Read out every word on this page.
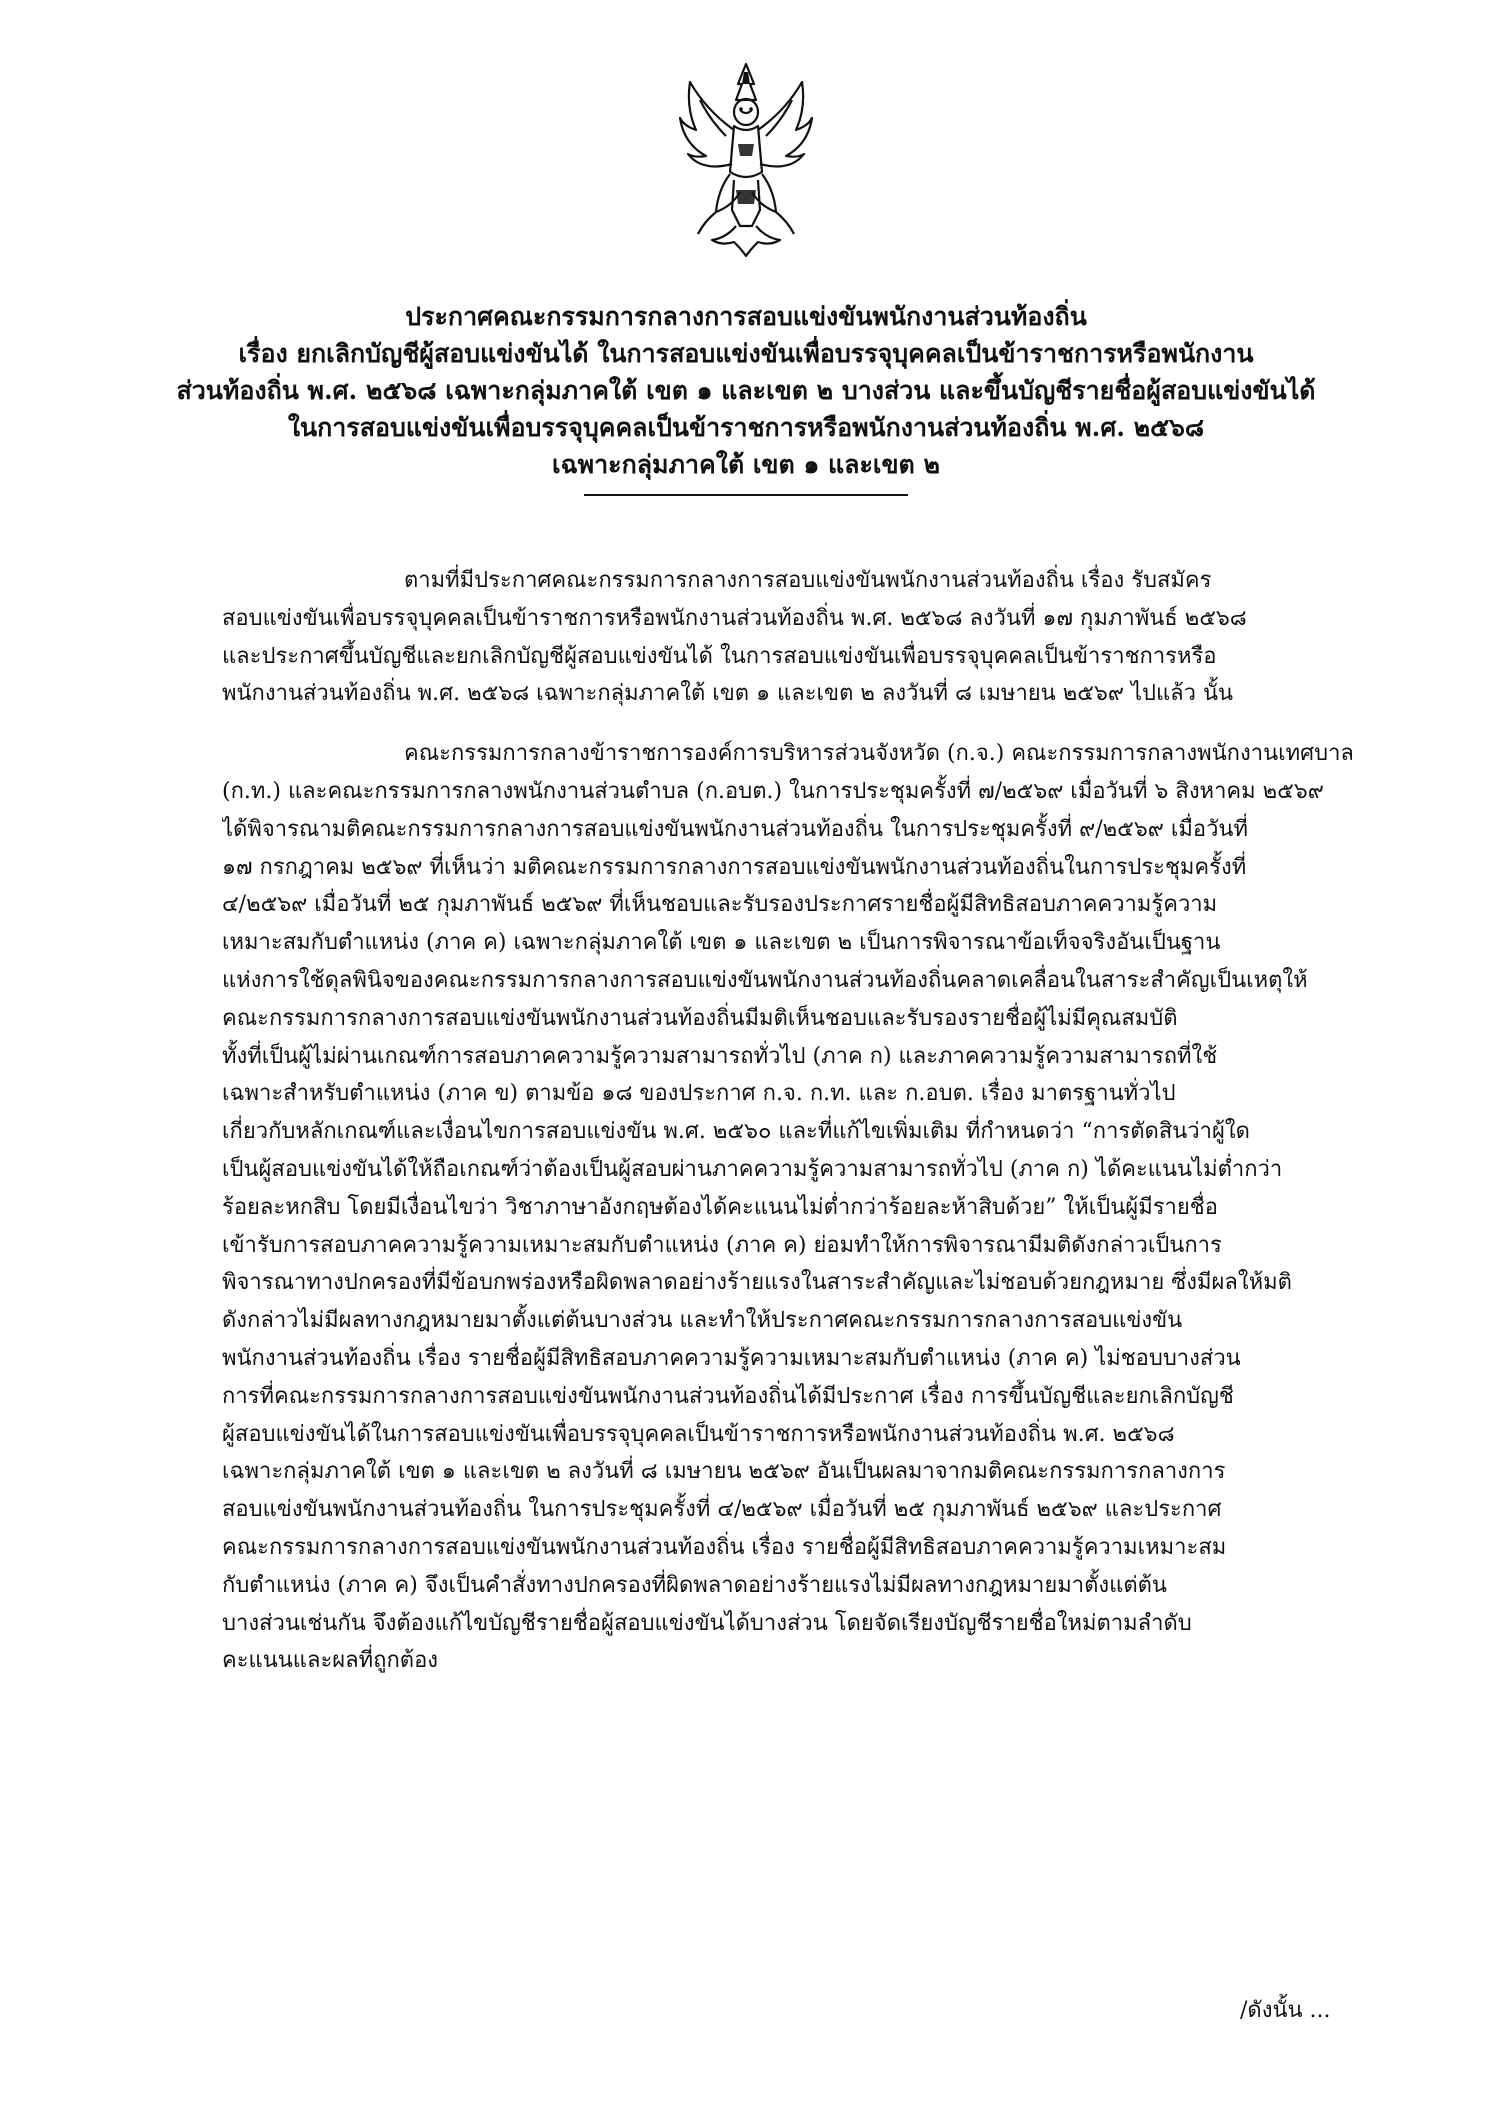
ประกาศคณะกรรมการกลางการสอบแข่งขันพนักงานส่วนท้องถิ่น

เรื่อง ยกเลิกบัญชีผู้สอบแข่งขันได้ ในการสอบแข่งขันเพื่อบรรจุบุคคลเป็นข้าราชการหรือพนักงาน

ส่วนท้องถิ่น พ.ศ. ๒๕๖๘ เฉพาะกลุ่มภาคใต้ เขต ๑ และเขต ๒ บางส่วน และขึ้นบัญชีรายชื่อผู้สอบแข่งขันได้

ในการสอบแข่งขันเพื่อบรรจุบุคคลเป็นข้าราชการหรือพนักงานส่วนท้องถิ่น พ.ศ. ๒๕๖๘

เฉพาะกลุ่มภาคใต้ เขต ๑ และเขต ๒

ตามที่มีประกาศคณะกรรมการกลางการสอบแข่งขันพนักงานส่วนท้องถิ่น เรื่อง รับสมัคร
สอบแข่งขันเพื่อบรรจุบุคคลเป็นข้าราชการหรือพนักงานส่วนท้องถิ่น พ.ศ. ๒๕๖๘ ลงวันที่ ๑๗ กุมภาพันธ์ ๒๕๖๘
และประกาศขึ้นบัญชีและยกเลิกบัญชีผู้สอบแข่งขันได้ ในการสอบแข่งขันเพื่อบรรจุบุคคลเป็นข้าราชการหรือ
พนักงานส่วนท้องถิ่น พ.ศ. ๒๕๖๘ เฉพาะกลุ่มภาคใต้ เขต ๑ และเขต ๒ ลงวันที่ ๘ เมษายน ๒๕๖๙ ไปแล้ว นั้น
คณะกรรมการกลางข้าราชการองค์การบริหารส่วนจังหวัด (ก.จ.) คณะกรรมการกลางพนักงานเทศบาล
(ก.ท.) และคณะกรรมการกลางพนักงานส่วนตำบล (ก.อบต.) ในการประชุมครั้งที่ ๗/๒๕๖๙ เมื่อวันที่ ๖ สิงหาคม ๒๕๖๙
ได้พิจารณามติคณะกรรมการกลางการสอบแข่งขันพนักงานส่วนท้องถิ่น ในการประชุมครั้งที่ ๙/๒๕๖๙ เมื่อวันที่
๑๗ กรกฎาคม ๒๕๖๙ ที่เห็นว่า มติคณะกรรมการกลางการสอบแข่งขันพนักงานส่วนท้องถิ่นในการประชุมครั้งที่
๔/๒๕๖๙ เมื่อวันที่ ๒๕ กุมภาพันธ์ ๒๕๖๙ ที่เห็นชอบและรับรองประกาศรายชื่อผู้มีสิทธิสอบภาคความรู้ความ
เหมาะสมกับตำแหน่ง (ภาค ค) เฉพาะกลุ่มภาคใต้ เขต ๑ และเขต ๒ เป็นการพิจารณาข้อเท็จจริงอันเป็นฐาน
แห่งการใช้ดุลพินิจของคณะกรรมการกลางการสอบแข่งขันพนักงานส่วนท้องถิ่นคลาดเคลื่อนในสาระสำคัญเป็นเหตุให้
คณะกรรมการกลางการสอบแข่งขันพนักงานส่วนท้องถิ่นมีมติเห็นชอบและรับรองรายชื่อผู้ไม่มีคุณสมบัติ
ทั้งที่เป็นผู้ไม่ผ่านเกณฑ์การสอบภาคความรู้ความสามารถทั่วไป (ภาค ก) และภาคความรู้ความสามารถที่ใช้
เฉพาะสำหรับตำแหน่ง (ภาค ข) ตามข้อ ๑๘ ของประกาศ ก.จ. ก.ท. และ ก.อบต. เรื่อง มาตรฐานทั่วไป
เกี่ยวกับหลักเกณฑ์และเงื่อนไขการสอบแข่งขัน พ.ศ. ๒๕๖๐ และที่แก้ไขเพิ่มเติม ที่กำหนดว่า “การตัดสินว่าผู้ใด
เป็นผู้สอบแข่งขันได้ให้ถือเกณฑ์ว่าต้องเป็นผู้สอบผ่านภาคความรู้ความสามารถทั่วไป (ภาค ก) ได้คะแนนไม่ต่ำกว่า
ร้อยละหกสิบ โดยมีเงื่อนไขว่า วิชาภาษาอังกฤษต้องได้คะแนนไม่ต่ำกว่าร้อยละห้าสิบด้วย” ให้เป็นผู้มีรายชื่อ
เข้ารับการสอบภาคความรู้ความเหมาะสมกับตำแหน่ง (ภาค ค) ย่อมทำให้การพิจารณามีมติดังกล่าวเป็นการ
พิจารณาทางปกครองที่มีข้อบกพร่องหรือผิดพลาดอย่างร้ายแรงในสาระสำคัญและไม่ชอบด้วยกฎหมาย ซึ่งมีผลให้มติ
ดังกล่าวไม่มีผลทางกฎหมายมาตั้งแต่ต้นบางส่วน และทำให้ประกาศคณะกรรมการกลางการสอบแข่งขัน
พนักงานส่วนท้องถิ่น เรื่อง รายชื่อผู้มีสิทธิสอบภาคความรู้ความเหมาะสมกับตำแหน่ง (ภาค ค) ไม่ชอบบางส่วน
การที่คณะกรรมการกลางการสอบแข่งขันพนักงานส่วนท้องถิ่นได้มีประกาศ เรื่อง การขึ้นบัญชีและยกเลิกบัญชี
ผู้สอบแข่งขันได้ในการสอบแข่งขันเพื่อบรรจุบุคคลเป็นข้าราชการหรือพนักงานส่วนท้องถิ่น พ.ศ. ๒๕๖๘
เฉพาะกลุ่มภาคใต้ เขต ๑ และเขต ๒ ลงวันที่ ๘ เมษายน ๒๕๖๙ อันเป็นผลมาจากมติคณะกรรมการกลางการ
สอบแข่งขันพนักงานส่วนท้องถิ่น ในการประชุมครั้งที่ ๔/๒๕๖๙ เมื่อวันที่ ๒๕ กุมภาพันธ์ ๒๕๖๙ และประกาศ
คณะกรรมการกลางการสอบแข่งขันพนักงานส่วนท้องถิ่น เรื่อง รายชื่อผู้มีสิทธิสอบภาคความรู้ความเหมาะสม
กับตำแหน่ง (ภาค ค) จึงเป็นคำสั่งทางปกครองที่ผิดพลาดอย่างร้ายแรงไม่มีผลทางกฎหมายมาตั้งแต่ต้น
บางส่วนเช่นกัน จึงต้องแก้ไขบัญชีรายชื่อผู้สอบแข่งขันได้บางส่วน โดยจัดเรียงบัญชีรายชื่อใหม่ตามลำดับ
คะแนนและผลที่ถูกต้อง
/ดังนั้น ...
